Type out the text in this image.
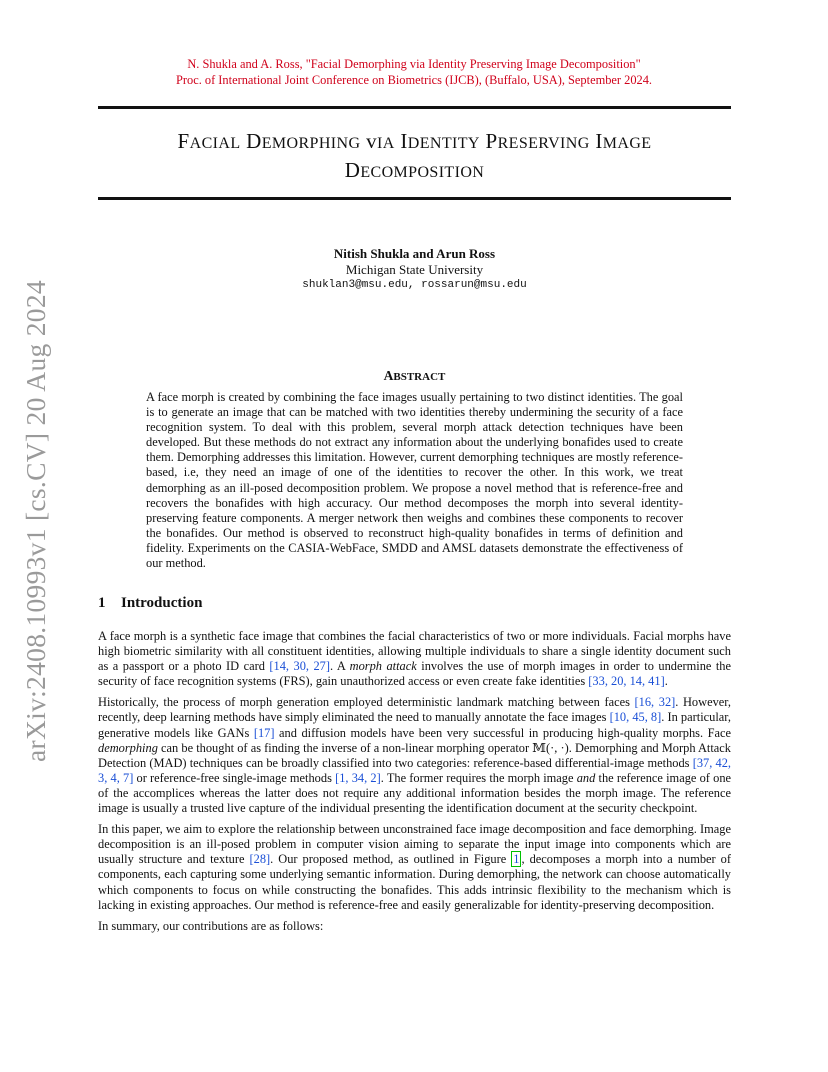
N. Shukla and A. Ross, "Facial Demorphing via Identity Preserving Image Decomposition"
Proc. of International Joint Conference on Biometrics (IJCB), (Buffalo, USA), September 2024.
FACIAL DEMORPHING vIA IDENTITY PRESERVING IMAGE
DECOMPOSITION
Nitish Shukla and Arun Ross
Michigan State University
shuklan3@msu.edu, rossarun@msu.edu
arXiv:2408.10993v1 [cs.CV] 20 Aug 2024	ABSTRACT

A face morph is created by combining the face images usually pertaining to two distinct identities. The goal is to generate an image that can be matched with two identities thereby undermining the security of a face recognition system. To deal with this problem, several morph attack detection techniques have been developed. But these methods do not extract any information about the underlying bonafides used to create them. Demorphing addresses this limitation. However, current demorphing techniques are mostly reference-based, i.e, they need an image of one of the identities to recover the other. In this work, we treat demorphing as an ill-posed decomposition problem. We propose a novel method that is reference-free and recovers the bonafides with high accuracy. Our method decomposes the morph into several identity-preserving feature components. A merger network then weighs and combines these components to recover the bonafides. Our method is observed to reconstruct high-quality bonafides in terms of definition and fidelity. Experiments on the CASIA-WebFace, SMDD and AMSL datasets demonstrate the effectiveness of our method.

1 Introduction

A face morph is a synthetic face image that combines the facial characteristics of two or more individuals. Facial morphs have high biometric similarity with all constituent identities, allowing multiple individuals to share a single identity document such as a passport or a photo ID card [14, 30, 27]. A morph attack involves the use of morph images in order to undermine the security of face recognition systems (FRS), gain unauthorized access or even create fake identities [33, 20, 14, 41].

Historically, the process of morph generation employed deterministic landmark matching between faces [16, 32]. However, recently, deep learning methods have simply eliminated the need to manually annotate the face images [10, 45, 8]. In particular, generative models like GANs [17] and diffusion models have been very successful in producing high-quality morphs. Face demorphing can be thought of as finding the inverse of a non-linear morphing operator 𝕄(·, ·). Demorphing and Morph Attack Detection (MAD) techniques can be broadly classified into two categories: reference-based differential-image methods [37, 42, 3, 4, 7] or reference-free single-image methods [1, 34, 2]. The former requires the morph image and the reference image of one of the accomplices whereas the latter does not require any additional information besides the morph image. The reference image is usually a trusted live capture of the individual presenting the identification document at the security checkpoint.

In this paper, we aim to explore the relationship between unconstrained face image decomposition and face demorphing. Image decomposition is an ill-posed problem in computer vision aiming to separate the input image into components which are usually structure and texture [28]. Our proposed method, as outlined in Figure 1 , decomposes a morph into a number of components, each capturing some underlying semantic information. During demorphing, the network can choose automatically which components to focus on while constructing the bonafides. This adds intrinsic flexibility to the mechanism which is lacking in existing approaches. Our method is reference-free and easily generalizable for identity-preserving decomposition.

In summary, our contributions are as follows:
